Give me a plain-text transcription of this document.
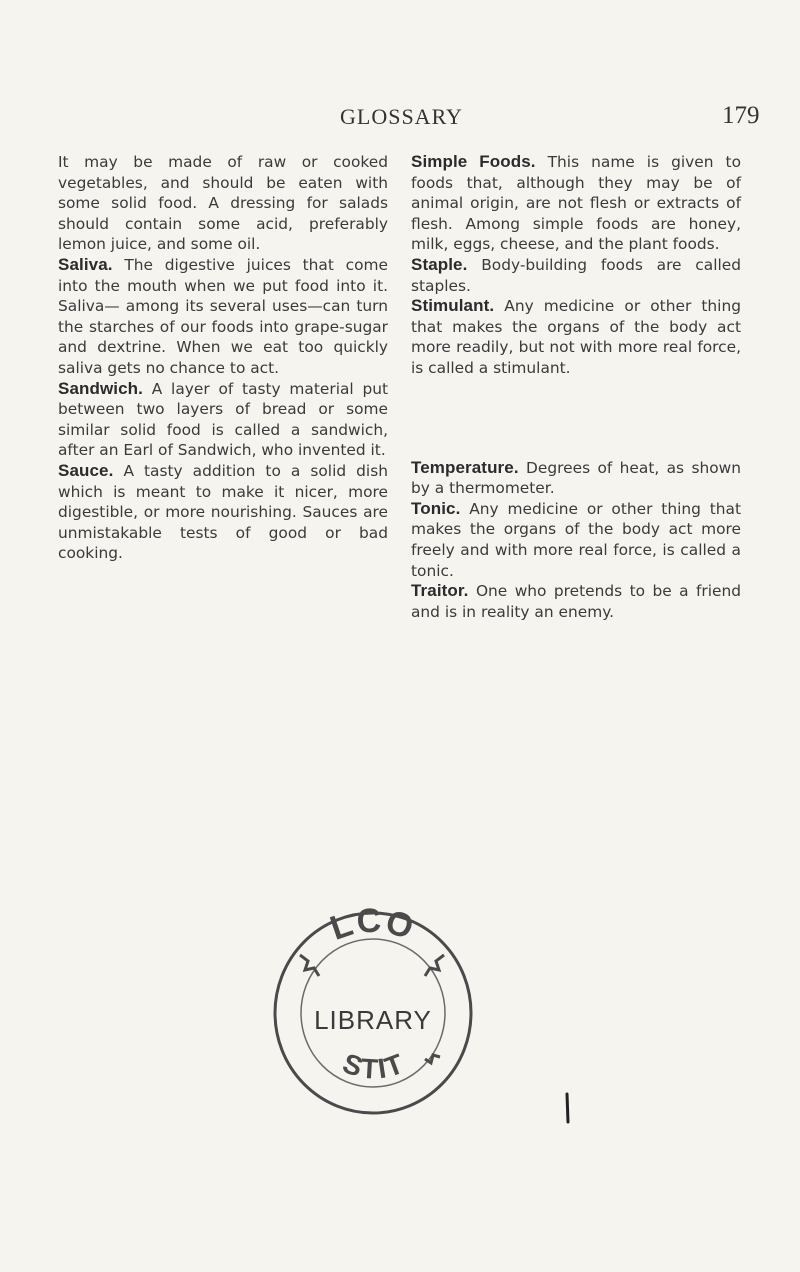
GLOSSARY	179

It may be made of raw or cooked vegetables, and should be eaten with some solid food. A dressing for salads should contain some acid, preferably lemon juice, and some oil.

Saliva. The digestive juices that come into the mouth when we put food into it. Saliva— among its several uses—can turn the starches of our foods into grape-sugar and dextrine. When we eat too quickly saliva gets no chance to act.

Sandwich. A layer of tasty material put between two layers of bread or some similar solid food is called a sandwich, after an Earl of Sandwich, who invented it.

Sauce. A tasty addition to a solid dish which is meant to make it nicer, more digestible, or more nourishing. Sauces are unmistakable tests of good or bad cooking.

Simple Foods. This name is given to foods that, although they may be of animal origin, are not flesh or extracts of flesh. Among simple foods are honey, milk, eggs, cheese, and the plant foods.

Staple. Body-building foods are called staples.

Stimulant. Any medicine or other thing that makes the organs of the body act more readily, but not with more real force, is called a stimulant.

Temperature. Degrees of heat, as shown by a thermometer.

Tonic. Any medicine or other thing that makes the organs of the body act more freely and with more real force, is called a tonic.

Traitor. One who pretends to be a friend and is in reality an enemy.

LCO
LIBRARY
STIT
